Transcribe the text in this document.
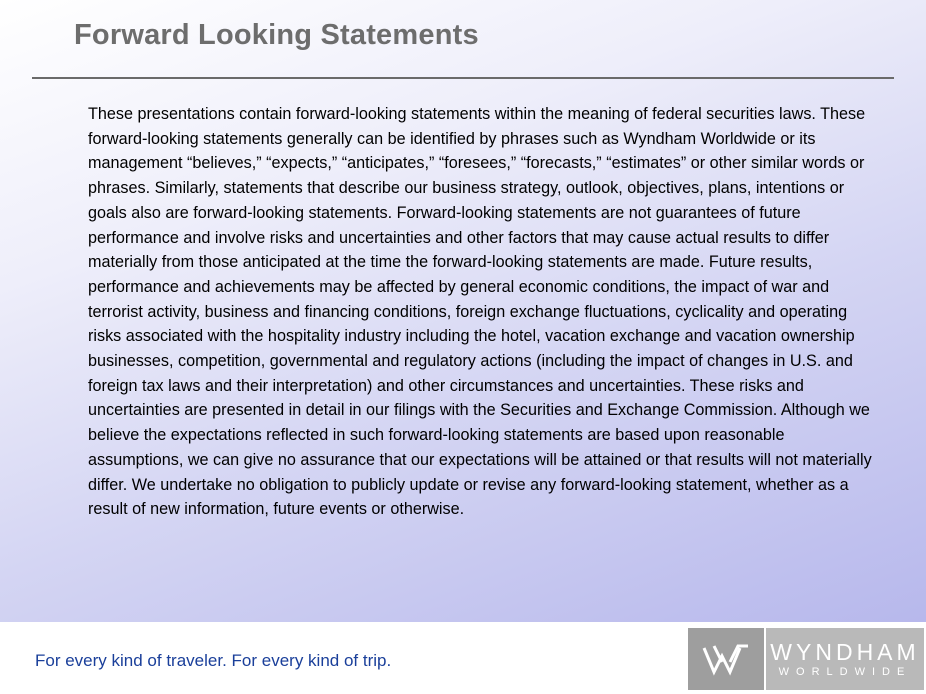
Forward Looking Statements
These presentations contain forward-looking statements within the meaning of federal securities laws. These forward-looking statements generally can be identified by phrases such as Wyndham Worldwide or its management “believes,” “expects,” “anticipates,” “foresees,” “forecasts,” “estimates” or other similar words or phrases. Similarly, statements that describe our business strategy, outlook, objectives, plans, intentions or goals also are forward-looking statements. Forward-looking statements are not guarantees of future performance and involve risks and uncertainties and other factors that may cause actual results to differ materially from those anticipated at the time the forward-looking statements are made. Future results, performance and achievements may be affected by general economic conditions, the impact of war and terrorist activity, business and financing conditions, foreign exchange fluctuations, cyclicality and operating risks associated with the hospitality industry including the hotel, vacation exchange and vacation ownership businesses, competition, governmental and regulatory actions (including the impact of changes in U.S. and foreign tax laws and their interpretation) and other circumstances and uncertainties. These risks and uncertainties are presented in detail in our filings with the Securities and Exchange Commission. Although we believe the expectations reflected in such forward-looking statements are based upon reasonable assumptions, we can give no assurance that our expectations will be attained or that results will not materially differ. We undertake no obligation to publicly update or revise any forward-looking statement, whether as a result of new information, future events or otherwise.
For every kind of traveler. For every kind of trip.	WYNDHAM
WORLDWIDE
